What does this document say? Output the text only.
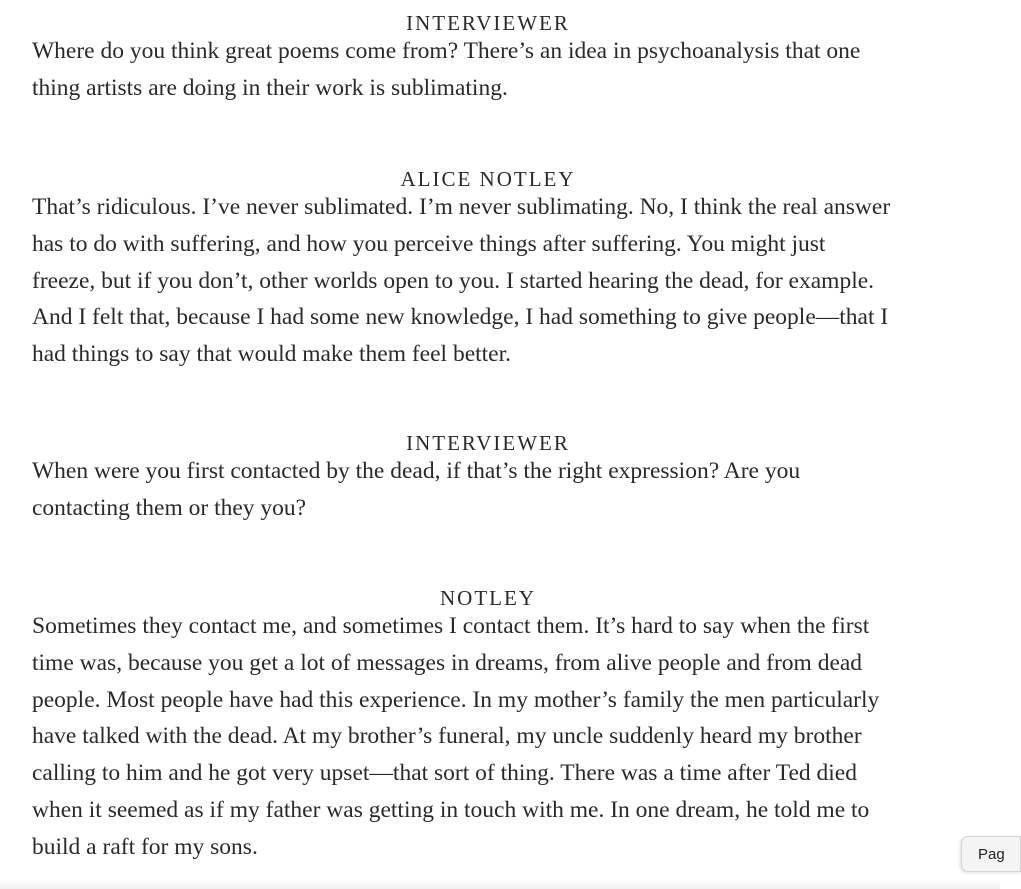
INTERVIEWER

Where do you think great poems come from? There’s an idea in psychoanalysis that one
thing artists are doing in their work is sublimating.

ALICE NOTLEY

That’s ridiculous. I’ve never sublimated. I’m never sublimating. No, I think the real answer
has to do with suffering, and how you perceive things after suffering. You might just
freeze, but if you don’t, other worlds open to you. I started hearing the dead, for example.
And I felt that, because I had some new knowledge, I had something to give people—that I
had things to say that would make them feel better.

INTERVIEWER

When were you first contacted by the dead, if that’s the right expression? Are you
contacting them or they you?

NOTLEY

Sometimes they contact me, and sometimes I contact them. It’s hard to say when the first
time was, because you get a lot of messages in dreams, from alive people and from dead
people. Most people have had this experience. In my mother’s family the men particularly
have talked with the dead. At my brother’s funeral, my uncle suddenly heard my brother
calling to him and he got very upset—that sort of thing. There was a time after Ted died
when it seemed as if my father was getting in touch with me. In one dream, he told me to
build a raft for my sons.	Pag
